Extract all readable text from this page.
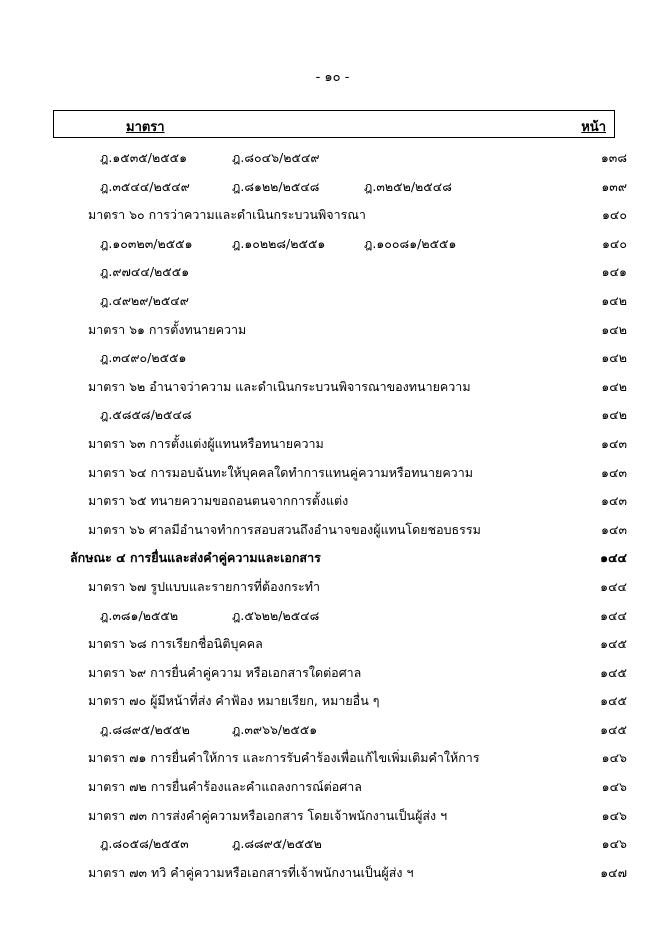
- ๑๐ -
มาตรา	หน้า
ฎ.๑๕๓๕/๒๕๕๑	ฎ.๘๐๔๖/๒๕๔๙	๑๓๘
ฎ.๓๕๔๔/๒๕๔๙	ฎ.๘๑๒๒/๒๕๔๘	ฎ.๓๒๕๒/๒๕๔๘	๑๓๙
มาตรา ๖๐ การว่าความและดำเนินกระบวนพิจารณา	๑๔๐
ฎ.๑๐๓๒๓/๒๕๕๑	ฎ.๑๐๒๒๘/๒๕๕๑	ฎ.๑๐๐๘๑/๒๕๕๑	๑๔๐
ฎ.๙๗๔๔/๒๕๕๑	๑๔๑
ฎ.๔๙๒๙/๒๕๔๙	๑๔๒
มาตรา ๖๑ การตั้งทนายความ	๑๔๒
ฎ.๓๔๙๐/๒๕๕๑	๑๔๒
มาตรา ๖๒ อำนาจว่าความ และดำเนินกระบวนพิจารณาของทนายความ	๑๔๒
ฎ.๕๘๕๘/๒๕๔๘	๑๔๒
มาตรา ๖๓ การตั้งแต่งผู้แทนหรือทนายความ	๑๔๓
มาตรา ๖๔ การมอบฉันทะให้บุคคลใดทำการแทนคู่ความหรือทนายความ	๑๔๓
มาตรา ๖๕ ทนายความขอถอนตนจากการตั้งแต่ง	๑๔๓
มาตรา ๖๖ ศาลมีอำนาจทำการสอบสวนถึงอำนาจของผู้แทนโดยชอบธรรม	๑๔๓
ลักษณะ ๔ การยื่นและส่งคำคู่ความและเอกสาร	๑๔๔
มาตรา ๖๗ รูปแบบและรายการที่ต้องกระทำ	๑๔๔
ฎ.๓๘๑/๒๕๕๒	ฎ.๕๖๒๒/๒๕๔๘	๑๔๔
มาตรา ๖๘ การเรียกชื่อนิติบุคคล	๑๔๕
มาตรา ๖๙ การยื่นคำคู่ความ หรือเอกสารใดต่อศาล	๑๔๕
มาตรา ๗๐ ผู้มีหน้าที่ส่ง คำฟ้อง หมายเรียก, หมายอื่น ๆ	๑๔๕
ฎ.๘๘๙๕/๒๕๕๒	ฎ.๓๙๖๖/๒๕๕๑	๑๔๕
มาตรา ๗๑ การยื่นคำให้การ และการรับคำร้องเพื่อแก้ไขเพิ่มเติมคำให้การ	๑๔๖
มาตรา ๗๒ การยื่นคำร้องและคำแถลงการณ์ต่อศาล	๑๔๖
มาตรา ๗๓ การส่งคำคู่ความหรือเอกสาร โดยเจ้าพนักงานเป็นผู้ส่ง ฯ	๑๔๖
ฎ.๘๐๕๘/๒๕๕๓	ฎ.๘๘๙๕/๒๕๕๒	๑๔๖
มาตรา ๗๓ ทวิ คำคู่ความหรือเอกสารที่เจ้าพนักงานเป็นผู้ส่ง ฯ	๑๔๗
